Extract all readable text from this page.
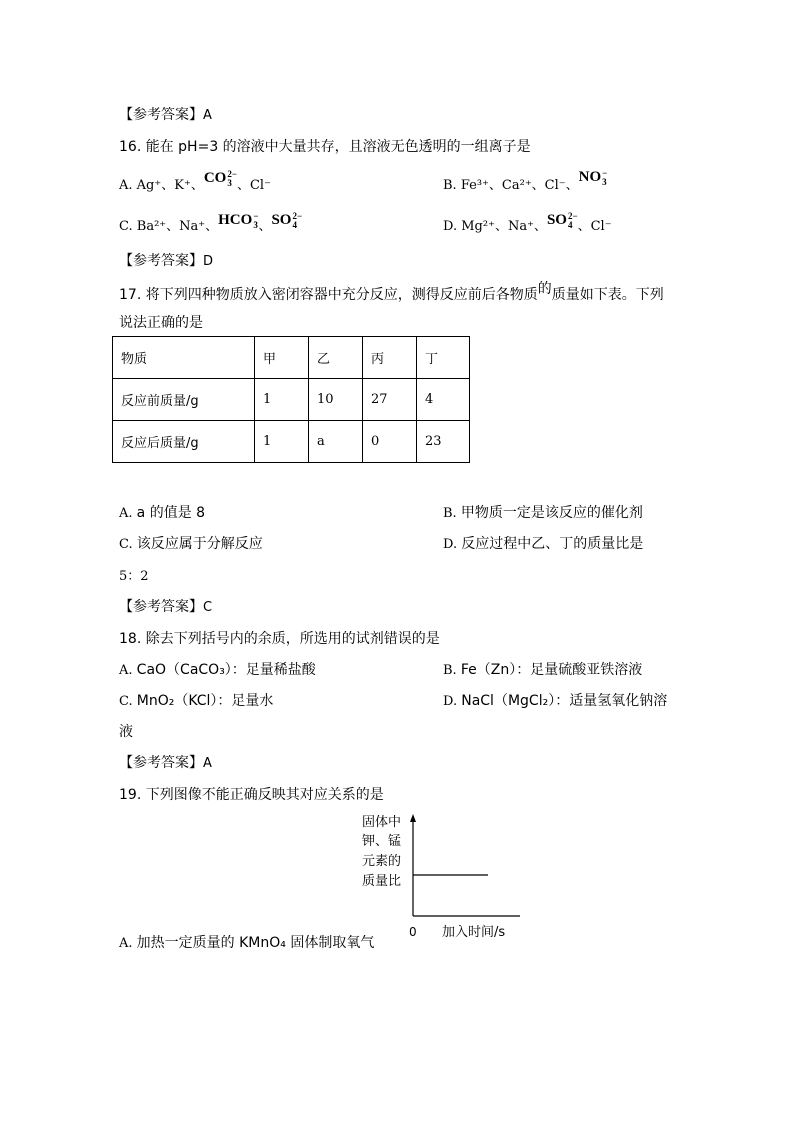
【参考答案】A
16. 能在 pH=3 的溶液中大量共存，且溶液无色透明的一组离子是
A. Ag⁺、K⁺、CO 2−
3 、Cl⁻	B. Fe³⁺、Ca²⁺、Cl⁻、NO −
3
C. Ba²⁺、Na⁺、HCO −
3 、SO 2−
4	D. Mg²⁺、Na⁺、SO 2−
4 、Cl⁻
【参考答案】D
17. 将下列四种物质放入密闭容器中充分反应，测得反应前后各物质的质量如下表。下列
说法正确的是
物质	甲	乙	丙	丁
反应前质量/g	1	10	27	4
反应后质量/g	1	a	0	23
A. a 的值是 8	B. 甲物质一定是该反应的催化剂
C. 该反应属于分解反应	D. 反应过程中乙、丁的质量比是
5：2
【参考答案】C
18. 除去下列括号内的余质，所选用的试剂错误的是
A. CaO（CaCO₃）：足量稀盐酸	B. Fe（Zn）：足量硫酸亚铁溶液
C. MnO₂（KCl）：足量水	D. NaCl（MgCl₂）：适量氢氧化钠溶
液
【参考答案】A
19. 下列图像不能正确反映其对应关系的是
固体中
钾、锰
元素的
质量比
0 加入时间/s
A. 加热一定质量的 KMnO₄ 固体制取氧气
